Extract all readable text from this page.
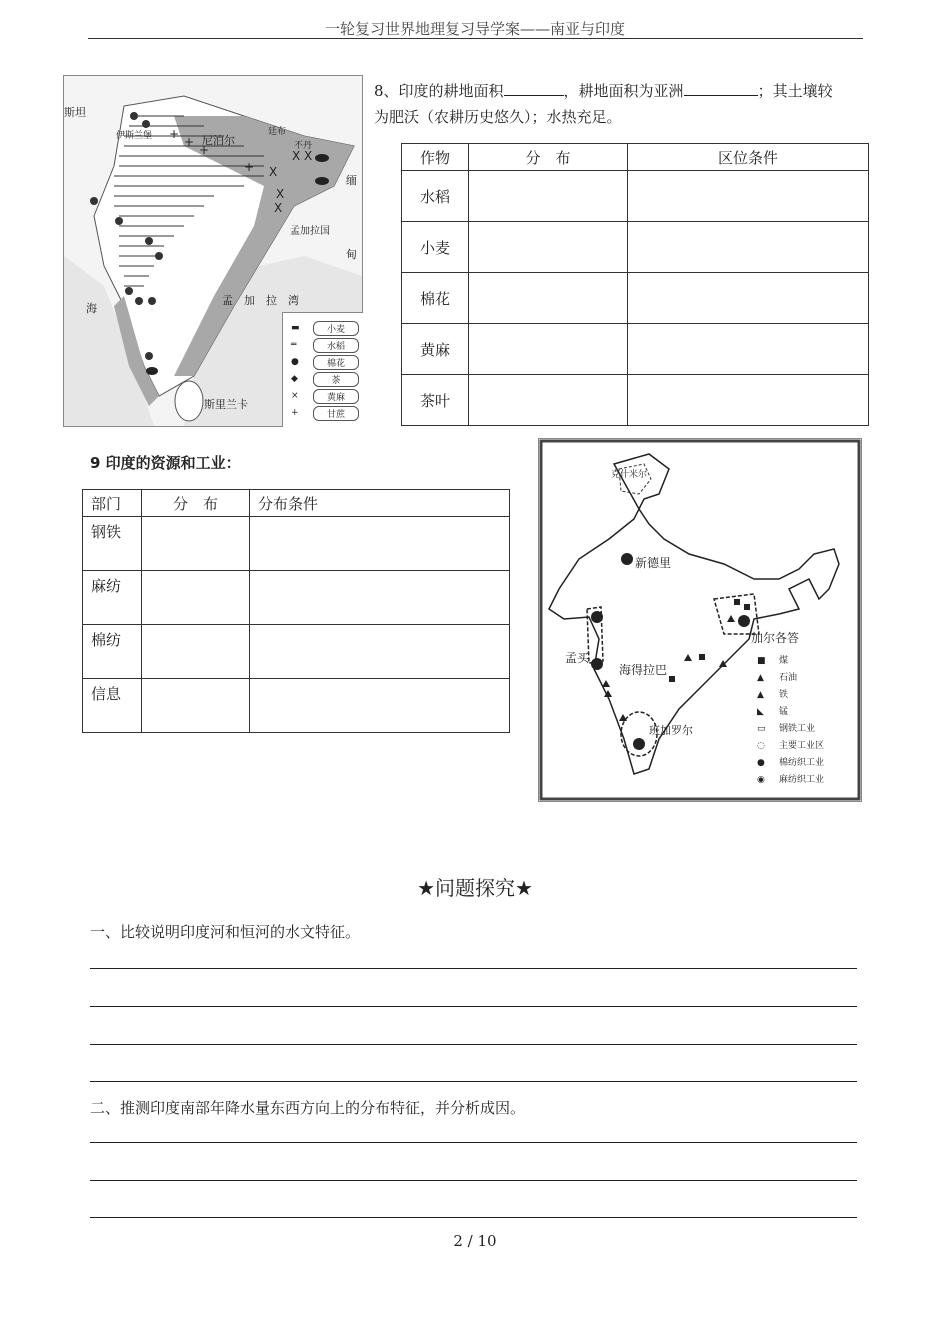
一轮复习世界地理复习导学案——南亚与印度
+
+
+
+
X X
X
X
X
伊斯兰堡
斯坦
尼泊尔
廷布
不丹
孟加拉国
缅
甸
孟　加　拉　湾
海
斯里兰卡
▬
═
●
◆
×
+
小麦
水稻
棉花
茶
黄麻
甘蔗
8、印度的耕地面积	，耕地面积为亚洲	；其土壤较
为肥沃（农耕历史悠久）；水热充足。
作物	分　布	区位条件
水稻		
小麦		
棉花		
黄麻		
茶叶		
9 印度的资源和工业：
部门	分　布	分布条件
钢铁		
麻纺		
棉纺		
信息		
克什米尔
新德里
加尔各答
孟买
海得拉巴
班加罗尔
■ 煤
▲ 石油
▲ 铁
◣ 锰
▭ 钢铁工业
◌ 主要工业区
● 棉纺织工业
◉ 麻纺织工业
★问题探究★
一、比较说明印度河和恒河的水文特征。
二、推测印度南部年降水量东西方向上的分布特征，并分析成因。
2 / 10
